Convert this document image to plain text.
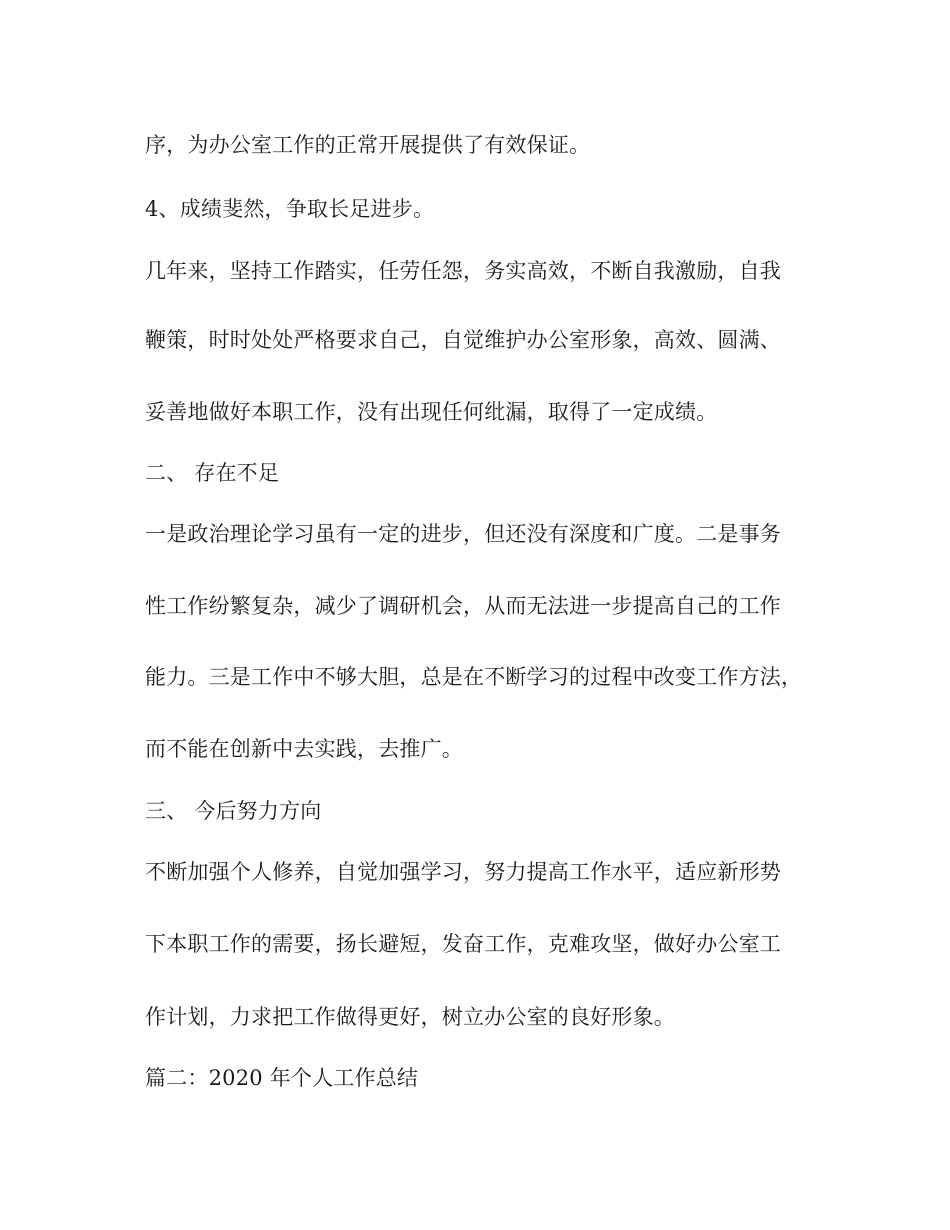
序，为办公室工作的正常开展提供了有效保证。
4、成绩斐然，争取长足进步。
几年来，坚持工作踏实，任劳任怨，务实高效，不断自我激励，自我
鞭策，时时处处严格要求自己，自觉维护办公室形象，高效、圆满、
妥善地做好本职工作，没有出现任何纰漏，取得了一定成绩。
二、 存在不足
一是政治理论学习虽有一定的进步，但还没有深度和广度。二是事务
性工作纷繁复杂，减少了调研机会，从而无法进一步提高自己的工作
能力。三是工作中不够大胆，总是在不断学习的过程中改变工作方法，
而不能在创新中去实践，去推广。
三、 今后努力方向
不断加强个人修养，自觉加强学习，努力提高工作水平，适应新形势
下本职工作的需要，扬长避短，发奋工作，克难攻坚，做好办公室工
作计划，力求把工作做得更好，树立办公室的良好形象。
篇二：2020 年个人工作总结
